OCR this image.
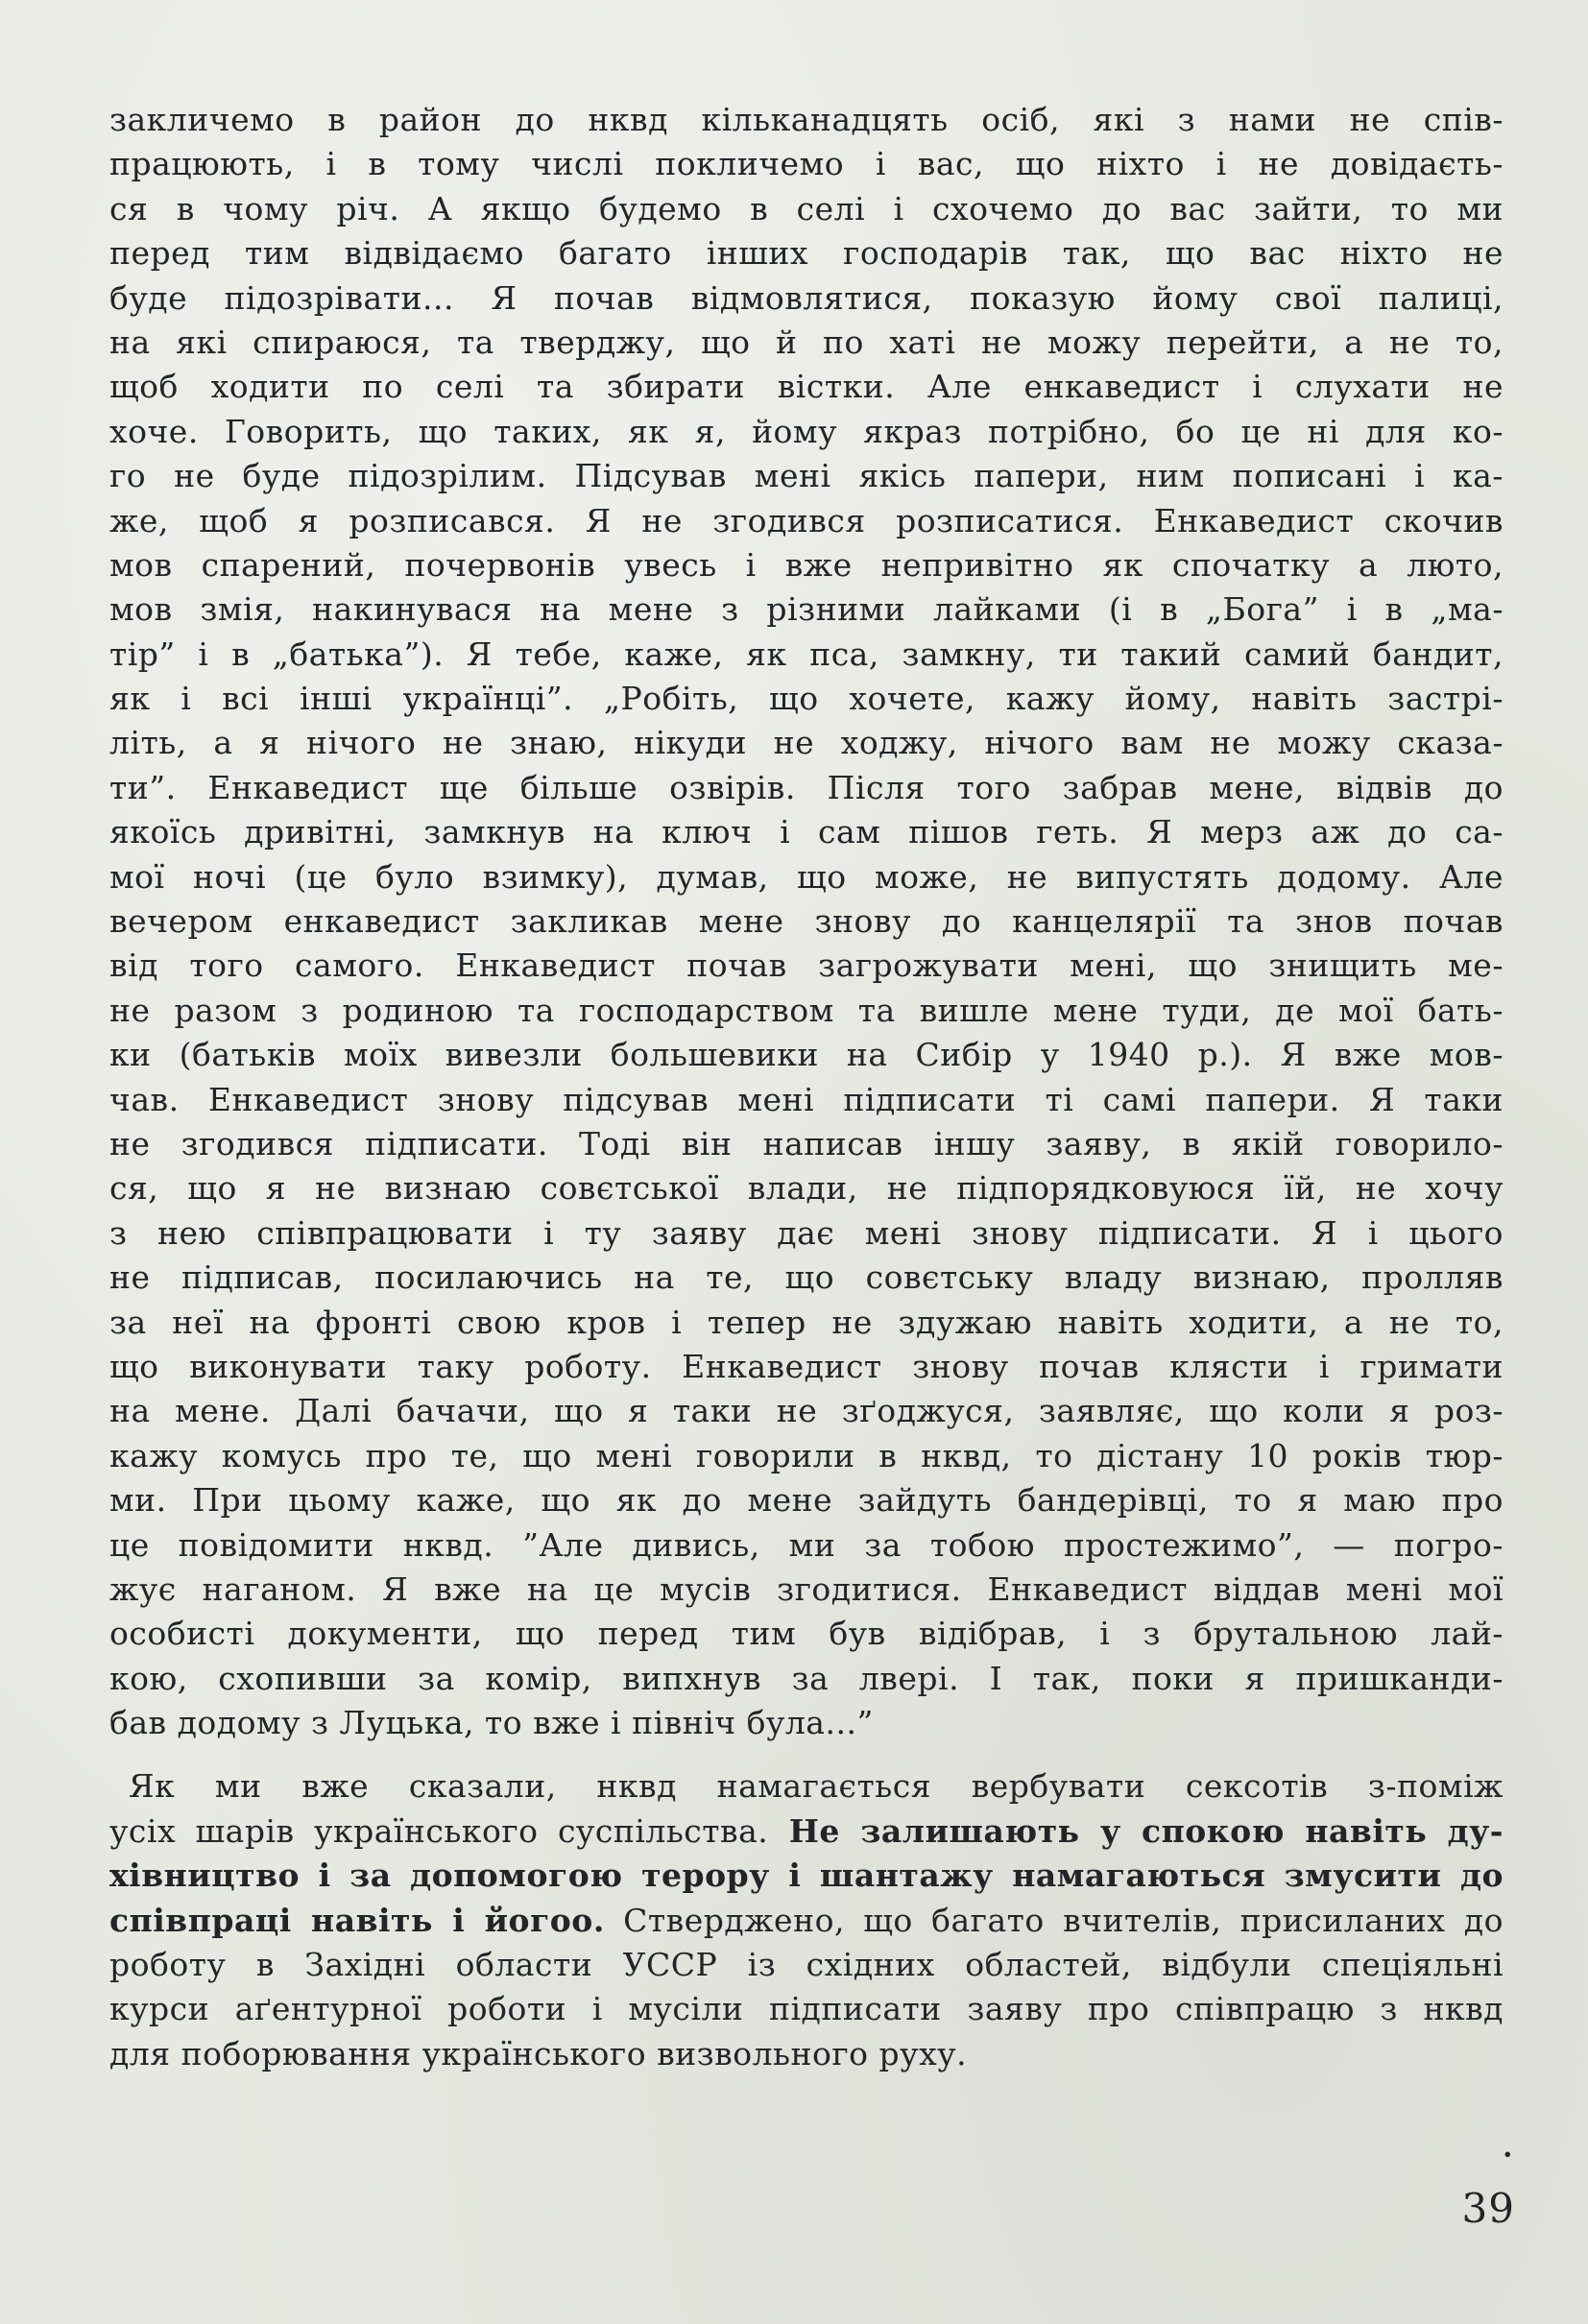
закличемо в район до нквд кільканадцять осіб, які з нами не спів-
працюють, і в тому числі покличемо і вас, що ніхто і не довідаєть-
ся в чому річ. А якщо будемо в селі і схочемо до вас зайти, то ми
перед тим відвідаємо багато інших господарів так, що вас ніхто не
буде підозрівати... Я почав відмовлятися, показую йому свої палиці,
на які спираюся, та тверджу, що й по хаті не можу перейти, а не то,
щоб ходити по селі та збирати вістки. Але енкаведист і слухати не
хоче. Говорить, що таких, як я, йому якраз потрібно, бо це ні для ко-
го не буде підозрілим. Підсував мені якісь папери, ним пописані і ка-
же, щоб я розписався. Я не згодився розписатися. Енкаведист скочив
мов спарений, почервонів увесь і вже непривітно як спочатку а люто,
мов змія, накинувася на мене з різними лайками (і в „Бога” і в „ма-
тір” і в „батька”). Я тебе, каже, як пса, замкну, ти такий самий бандит,
як і всі інші українці”. „Робіть, що хочете, кажу йому, навіть застрі-
літь, а я нічого не знаю, нікуди не ходжу, нічого вам не можу сказа-
ти”. Енкаведист ще більше озвірів. Після того забрав мене, відвів до
якоїсь дривітні, замкнув на ключ і сам пішов геть. Я мерз аж до са-
мої ночі (це було взимку), думав, що може, не випустять додому. Але
вечером енкаведист закликав мене знову до канцелярії та знов почав
від того самого. Енкаведист почав загрожувати мені, що знищить ме-
не разом з родиною та господарством та вишле мене туди, де мої бать-
ки (батьків моїх вивезли большевики на Сибір у 1940 р.). Я вже мов-
чав. Енкаведист знову підсував мені підписати ті самі папери. Я таки
не згодився підписати. Тоді він написав іншу заяву, в якій говорило-
ся, що я не визнаю совєтської влади, не підпорядковуюся їй, не хочу
з нею співпрацювати і ту заяву дає мені знову підписати. Я і цього
не підписав, посилаючись на те, що совєтську владу визнаю, пролляв
за неї на фронті свою кров і тепер не здужаю навіть ходити, а не то,
що виконувати таку роботу. Енкаведист знову почав клясти і гримати
на мене. Далі бачачи, що я таки не зґоджуся, заявляє, що коли я роз-
кажу комусь про те, що мені говорили в нквд, то дістану 10 років тюр-
ми. При цьому каже, що як до мене зайдуть бандерівці, то я маю про
це повідомити нквд. ”Але дивись, ми за тобою простежимо”, — погро-
жує наганом. Я вже на це мусів згодитися. Енкаведист віддав мені мої
особисті документи, що перед тим був відібрав, і з брутальною лай-
кою, схопивши за комір, випхнув за лвері. І так, поки я пришканди-
бав додому з Луцька, то вже і північ була...”
Як ми вже сказали, нквд намагається вербувати сексотів з-поміж
усіх шарів українського суспільства. Не залишають у спокою навіть ду-
хівництво і за допомогою терору і шантажу намагаються змусити до
співпраці навіть і йогоо. Стверджено, що багато вчителів, присиланих до
роботу в Західні области УССР із східних областей, відбули спеціяльні
курси аґентурної роботи і мусіли підписати заяву про співпрацю з нквд
для поборювання українського визвольного руху.
· 39
